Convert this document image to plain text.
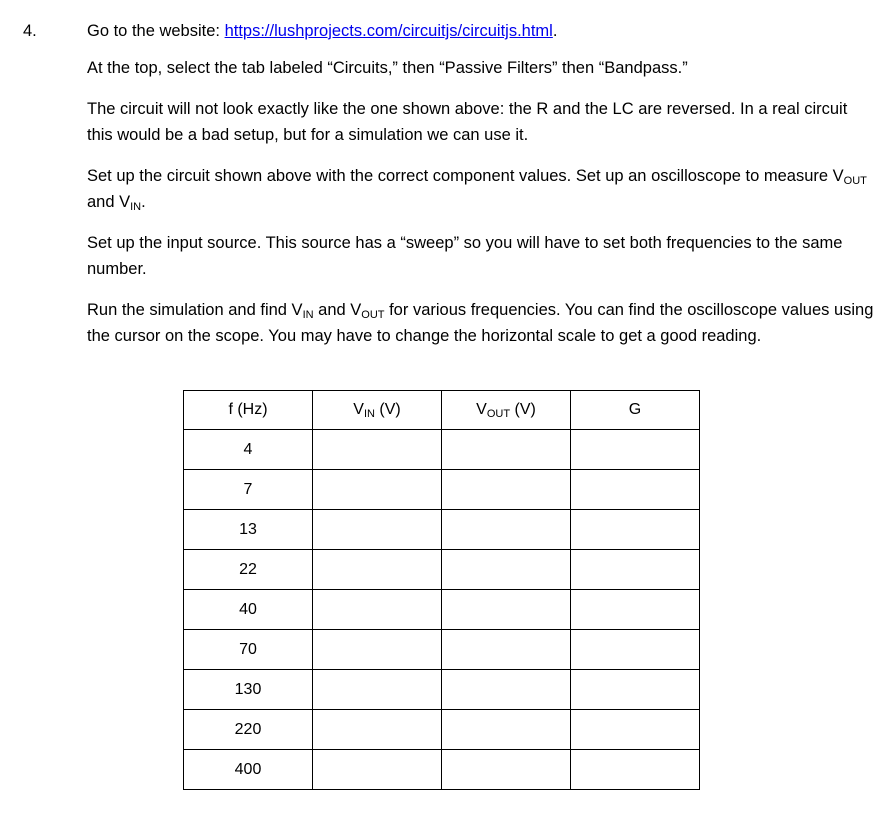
4.	Go to the website: https://lushprojects.com/circuitjs/circuitjs.html.

At the top, select the tab labeled “Circuits,” then “Passive Filters” then “Bandpass.”

The circuit will not look exactly like the one shown above: the R and the LC are reversed. In a real circuit this would be a bad setup, but for a simulation we can use it.

Set up the circuit shown above with the correct component values. Set up an oscilloscope to measure $V_{OUT}$ and $V_{IN}$.

Set up the input source. This source has a “sweep” so you will have to set both frequencies to the same number.

Run the simulation and find $V_{IN}$ and $V_{OUT}$ for various frequencies. You can find the oscilloscope values using the cursor on the scope. You may have to change the horizontal scale to get a good reading.

f (Hz)	$V_{IN}$ (V)	$V_{OUT}$ (V)	G
4			
7			
13			
22			
40			
70			
130			
220			
400			
